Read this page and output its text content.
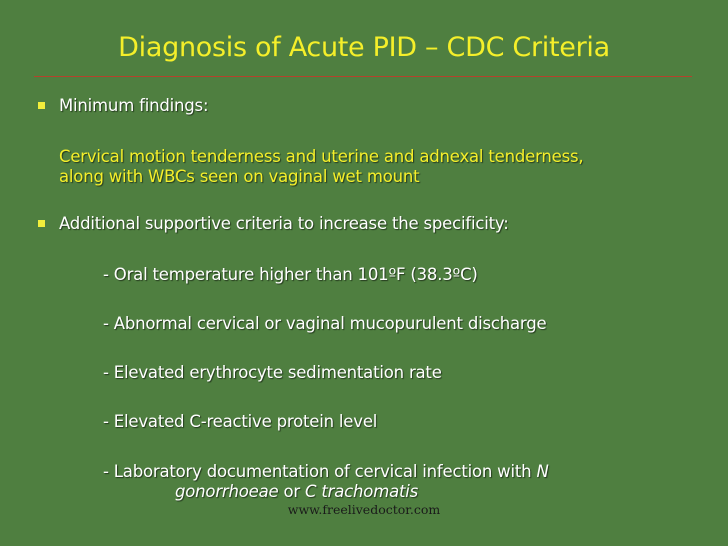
Diagnosis of Acute PID – CDC Criteria
Minimum findings:
Cervical motion tenderness and uterine and adnexal tenderness,
along with WBCs seen on vaginal wet mount
Additional supportive criteria to increase the specificity:
- Oral temperature higher than 101ºF (38.3ºC)
- Abnormal cervical or vaginal mucopurulent discharge
- Elevated erythrocyte sedimentation rate
- Elevated C-reactive protein level
- Laboratory documentation of cervical infection with N
gonorrhoeae or C trachomatis
www.freelivedoctor.com
